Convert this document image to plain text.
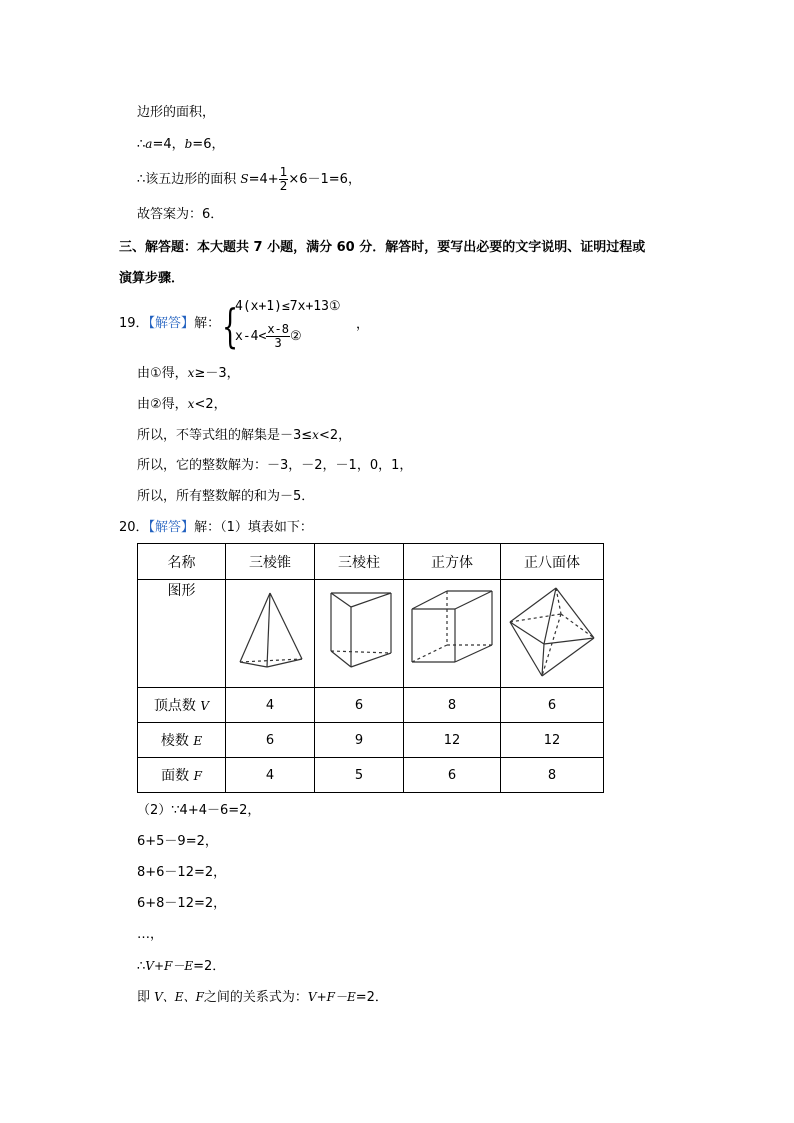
边形的面积，
∴a=4，b=6，
∴该五边形的面积 $S=4+ \frac{1}{2} \times 6-1=6$，
故答案为：6．
三、解答题：本大题共 7 小题，满分 60 分．解答时，要写出必要的文字说明、证明过程或
演算步骤．
19．【解答】解： {
4(x+1)≤7x+13①
$x-4< \frac{x-8}{3}$ ②
，
由①得，x≥－3，
由②得，x<2，
所以，不等式组的解集是－3≤x<2，
所以，它的整数解为：－3，－2，－1，0，1，
所以，所有整数解的和为－5．
20．【解答】解：（1）填表如下：
名称	三棱锥	三棱柱	正方体	正八面体
图形				
顶点数 V	4	6	8	6
棱数 E	6	9	12	12
面数 F	4	5	6	8
（2）∵4+4－6=2，
6+5－9=2，
8+6－12=2，
6+8－12=2，
…，
∴V+F－E=2．
即 V、E、F之间的关系式为：V+F－E=2．
